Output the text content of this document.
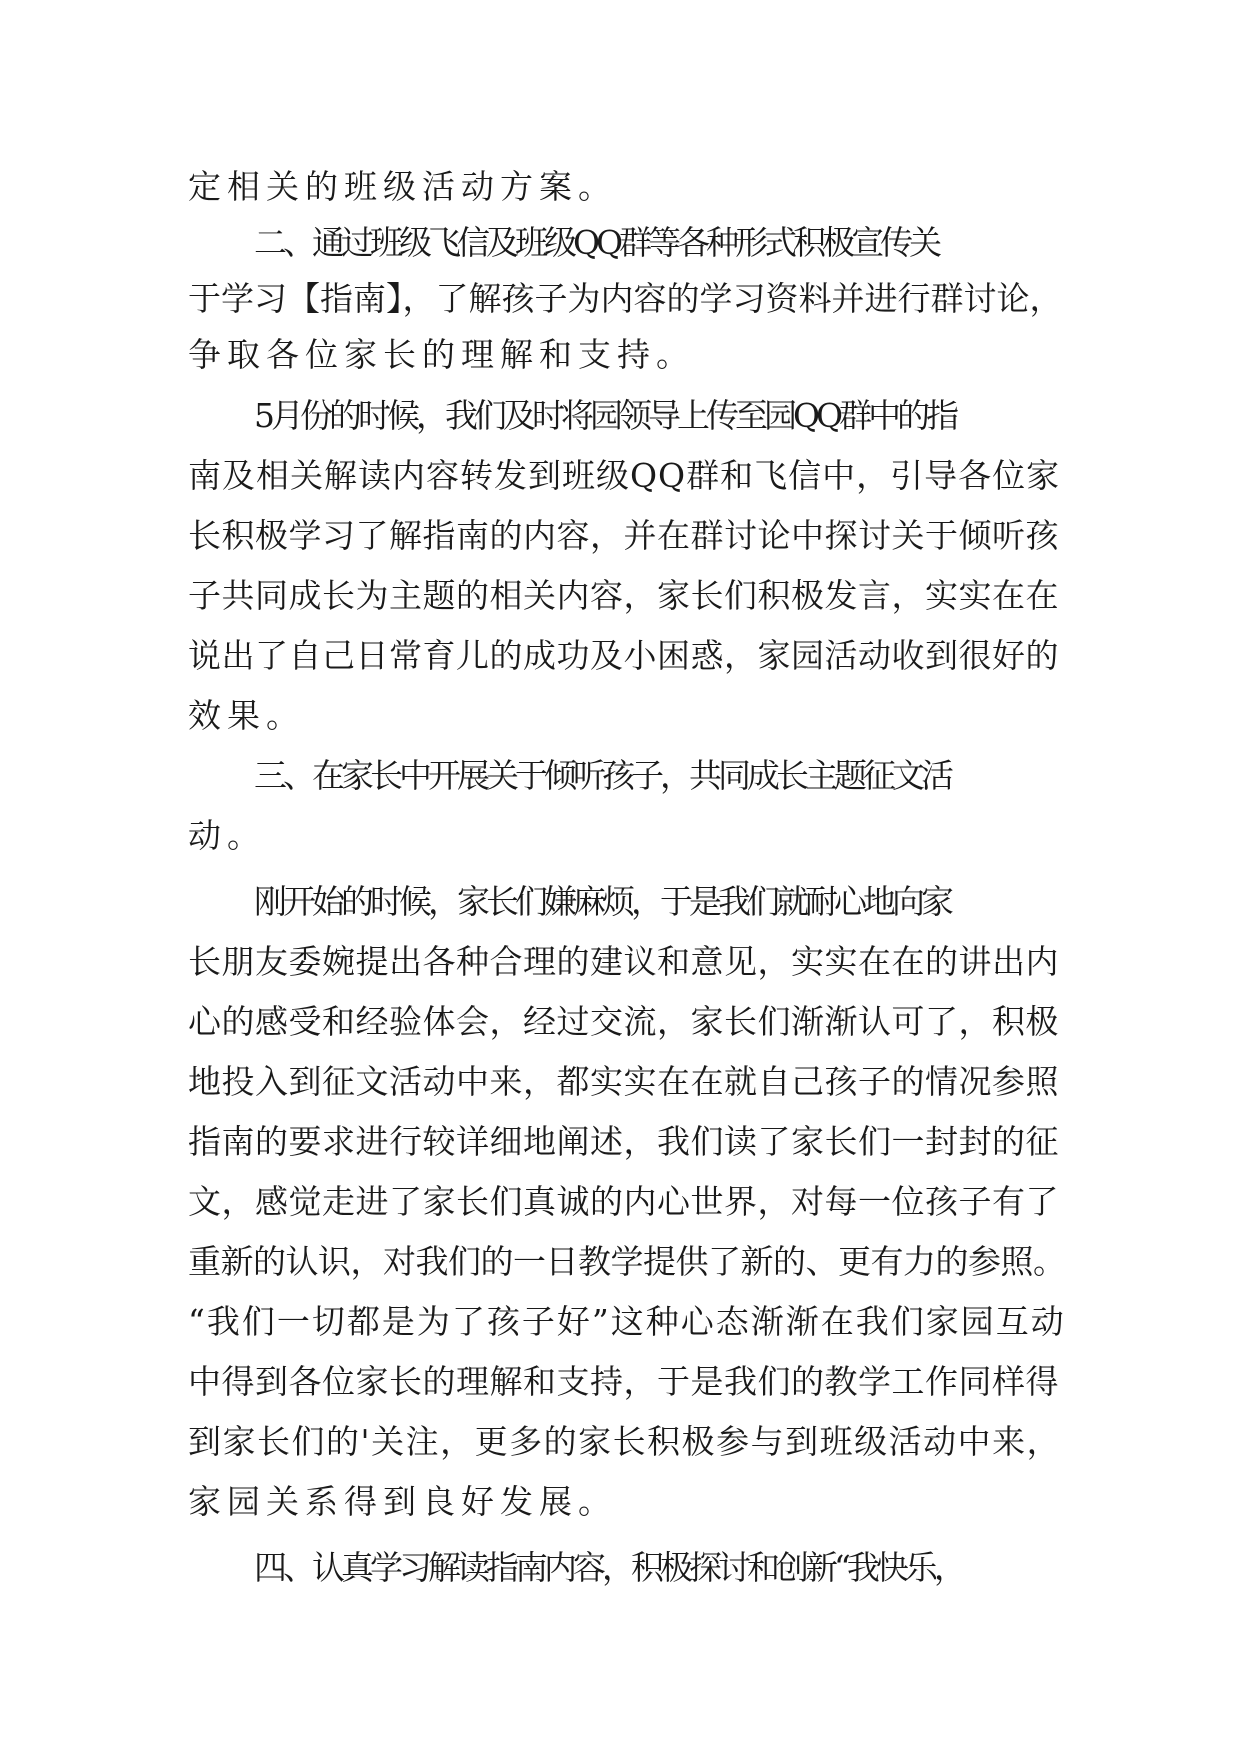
定相关的班级活动方案。
二、通过班级飞信及班级QQ群等各种形式积极宣传关
于学习【指南】，了解孩子为内容的学习资料并进行群讨论，
争取各位家长的理解和支持。
5月份的时候，我们及时将园领导上传至园QQ群中的指
南及相关解读内容转发到班级QQ群和飞信中，引导各位家
长积极学习了解指南的内容，并在群讨论中探讨关于倾听孩
子共同成长为主题的相关内容，家长们积极发言，实实在在
说出了自己日常育儿的成功及小困惑，家园活动收到很好的
效果。
三、在家长中开展关于倾听孩子，共同成长主题征文活
动。
刚开始的时候，家长们嫌麻烦，于是我们就耐心地向家
长朋友委婉提出各种合理的建议和意见，实实在在的讲出内
心的感受和经验体会，经过交流，家长们渐渐认可了，积极
地投入到征文活动中来，都实实在在就自己孩子的情况参照
指南的要求进行较详细地阐述，我们读了家长们一封封的征
文，感觉走进了家长们真诚的内心世界，对每一位孩子有了
重新的认识，对我们的一日教学提供了新的、更有力的参照。
“我们一切都是为了孩子好”这种心态渐渐在我们家园互动
中得到各位家长的理解和支持，于是我们的教学工作同样得
到家长们的'关注，更多的家长积极参与到班级活动中来，
家园关系得到良好发展。
四、认真学习解读指南内容，积极探讨和创新“我快乐，
